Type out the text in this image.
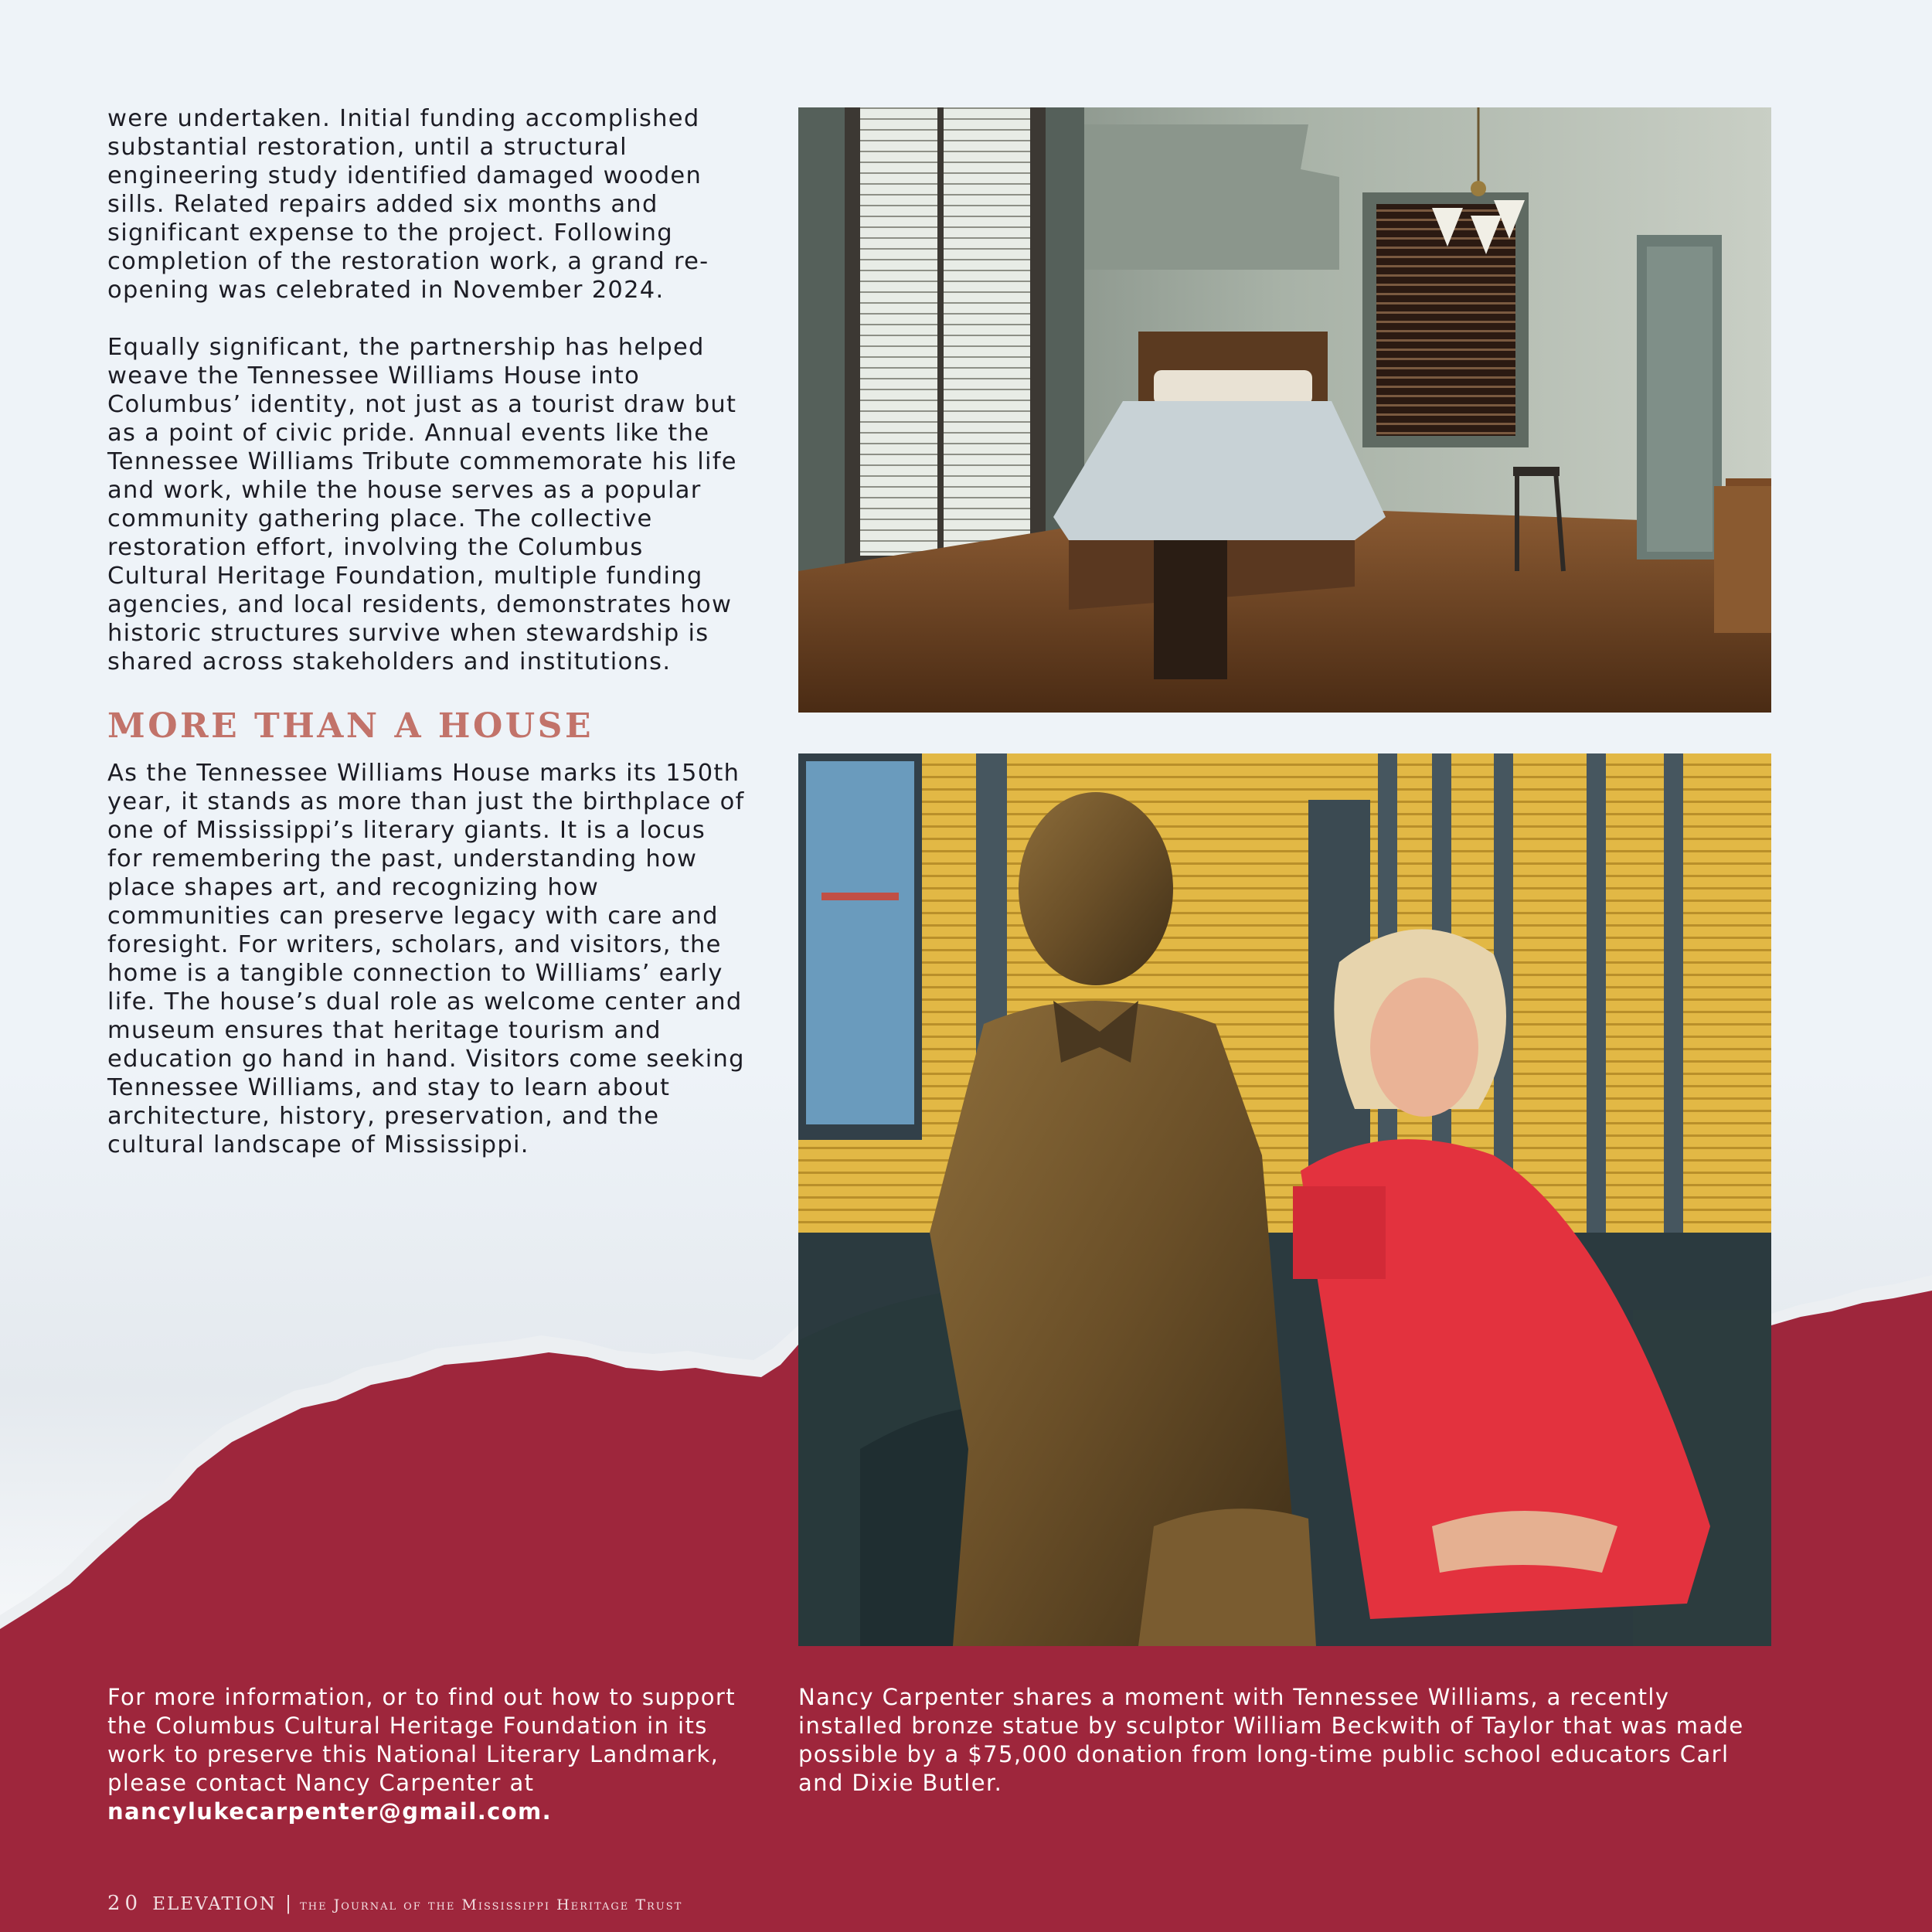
were undertaken. Initial funding accomplished substantial restoration, until a structural engineering study identified damaged wooden sills. Related repairs added six months and significant expense to the project. Following completion of the restoration work, a grand re-opening was celebrated in November 2024.

Equally significant, the partnership has helped weave the Tennessee Williams House into Columbus’ identity, not just as a tourist draw but as a point of civic pride. Annual events like the Tennessee Williams Tribute commemorate his life and work, while the house serves as a popular community gathering place. The collective restoration effort, involving the Columbus Cultural Heritage Foundation, multiple funding agencies, and local residents, demonstrates how historic structures survive when stewardship is shared across stakeholders and institutions.

MORE THAN A HOUSE

As the Tennessee Williams House marks its 150th year, it stands as more than just the birthplace of one of Mississippi’s literary giants. It is a locus for remembering the past, understanding how place shapes art, and recognizing how communities can preserve legacy with care and foresight. For writers, scholars, and visitors, the home is a tangible connection to Williams’ early life. The house’s dual role as welcome center and museum ensures that heritage tourism and education go hand in hand. Visitors come seeking Tennessee Williams, and stay to learn about architecture, history, preservation, and the cultural landscape of Mississippi.

For more information, or to find out how to support the Columbus Cultural Heritage Foundation in its work to preserve this National Literary Landmark, please contact Nancy Carpenter at nancylukecarpenter@gmail.com.
Nancy Carpenter shares a moment with Tennessee Williams, a recently installed bronze statue by sculptor William Beckwith of Taylor that was made possible by a $75,000 donation from long-time public school educators Carl and Dixie Butler.
20 ELEVATION | the Journal of the Mississippi Heritage Trust
